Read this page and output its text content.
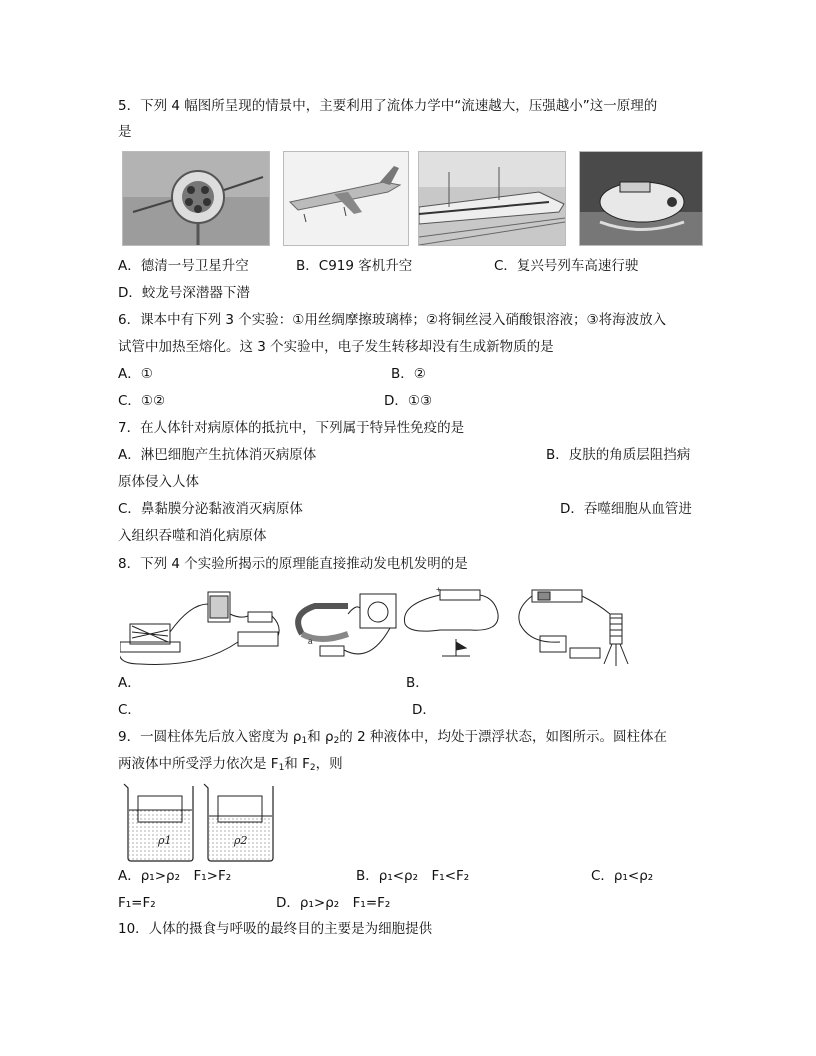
5．下列 4 幅图所呈现的情景中，主要利用了流体力学中“流速越大，压强越小”这一原理的
是
A．德清一号卫星升空	B．C919 客机升空	C．复兴号列车高速行驶
D．蛟龙号深潜器下潜
6．课本中有下列 3 个实验：①用丝绸摩擦玻璃棒；②将铜丝浸入硝酸银溶液；③将海波放入
试管中加热至熔化。这 3 个实验中，电子发生转移却没有生成新物质的是
A．①	B．②
C．①②	D．①③
7．在人体针对病原体的抵抗中，下列属于特异性免疫的是
A．淋巴细胞产生抗体消灭病原体	B．皮肤的角质层阻挡病
原体侵入人体
C．鼻黏膜分泌黏液消灭病原体	D．吞噬细胞从血管进
入组织吞噬和消化病原体
8．下列 4 个实验所揭示的原理能直接推动发电机发明的是
a
+
A．	B．
C．	D．
9．一圆柱体先后放入密度为 $\rho_1$和 $\rho_2$的 2 种液体中，均处于漂浮状态，如图所示。圆柱体在
两液体中所受浮力依次是 $F_1$和 $F_2$，则
ρ1	ρ2
A．ρ₁>ρ₂　F₁>F₂	B．ρ₁<ρ₂　F₁<F₂	C．ρ₁<ρ₂
F₁=F₂	D．ρ₁>ρ₂　F₁=F₂
10．人体的摄食与呼吸的最终目的主要是为细胞提供
